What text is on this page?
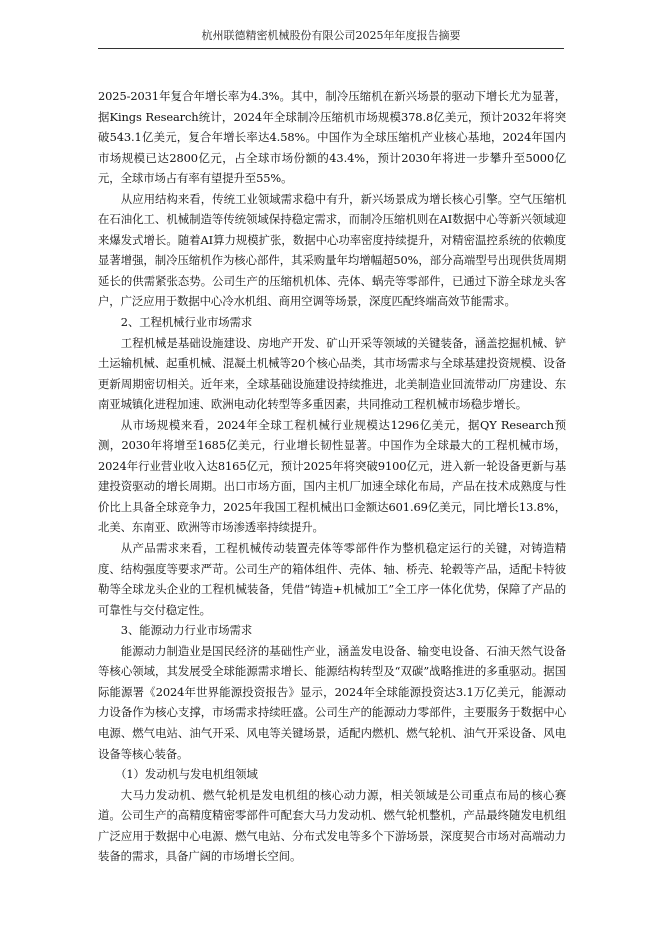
杭州联德精密机械股份有限公司2025年年度报告摘要

2025-2031年复合年增长率为4.3%。其中，制冷压缩机在新兴场景的驱动下增长尤为显著，据Kings Research统计，2024年全球制冷压缩机市场规模378.8亿美元，预计2032年将突破543.1亿美元，复合年增长率达4.58%。中国作为全球压缩机产业核心基地，2024年国内市场规模已达2800亿元，占全球市场份额的43.4%，预计2030年将进一步攀升至5000亿元，全球市场占有率有望提升至55%。

从应用结构来看，传统工业领域需求稳中有升，新兴场景成为增长核心引擎。空气压缩机在石油化工、机械制造等传统领域保持稳定需求，而制冷压缩机则在AI数据中心等新兴领域迎来爆发式增长。随着AI算力规模扩张，数据中心功率密度持续提升，对精密温控系统的依赖度显著增强，制冷压缩机作为核心部件，其采购量年均增幅超50%，部分高端型号出现供货周期延长的供需紧张态势。公司生产的压缩机机体、壳体、蜗壳等零部件，已通过下游全球龙头客户，广泛应用于数据中心冷水机组、商用空调等场景，深度匹配终端高效节能需求。

2、工程机械行业市场需求

工程机械是基础设施建设、房地产开发、矿山开采等领域的关键装备，涵盖挖掘机械、铲土运输机械、起重机械、混凝土机械等20个核心品类，其市场需求与全球基建投资规模、设备更新周期密切相关。近年来，全球基础设施建设持续推进，北美制造业回流带动厂房建设、东南亚城镇化进程加速、欧洲电动化转型等多重因素，共同推动工程机械市场稳步增长。

从市场规模来看，2024年全球工程机械行业规模达1296亿美元，据QY Research预测，2030年将增至1685亿美元，行业增长韧性显著。中国作为全球最大的工程机械市场，2024年行业营业收入达8165亿元，预计2025年将突破9100亿元，进入新一轮设备更新与基建投资驱动的增长周期。出口市场方面，国内主机厂加速全球化布局，产品在技术成熟度与性价比上具备全球竞争力，2025年我国工程机械出口金额达601.69亿美元，同比增长13.8%，北美、东南亚、欧洲等市场渗透率持续提升。

从产品需求来看，工程机械传动装置壳体等零部件作为整机稳定运行的关键，对铸造精度、结构强度等要求严苛。公司生产的箱体组件、壳体、轴、桥壳、轮毂等产品，适配卡特彼勒等全球龙头企业的工程机械装备，凭借“铸造+机械加工”全工序一体化优势，保障了产品的可靠性与交付稳定性。

3、能源动力行业市场需求

能源动力制造业是国民经济的基础性产业，涵盖发电设备、输变电设备、石油天然气设备等核心领域，其发展受全球能源需求增长、能源结构转型及“双碳”战略推进的多重驱动。据国际能源署《2024年世界能源投资报告》显示，2024年全球能源投资达3.1万亿美元，能源动力设备作为核心支撑，市场需求持续旺盛。公司生产的能源动力零部件，主要服务于数据中心电源、燃气电站、油气开采、风电等关键场景，适配内燃机、燃气轮机、油气开采设备、风电设备等核心装备。

（1）发动机与发电机组领域

大马力发动机、燃气轮机是发电机组的核心动力源，相关领域是公司重点布局的核心赛道。公司生产的高精度精密零部件可配套大马力发动机、燃气轮机整机，产品最终随发电机组广泛应用于数据中心电源、燃气电站、分布式发电等多个下游场景，深度契合市场对高端动力装备的需求，具备广阔的市场增长空间。
